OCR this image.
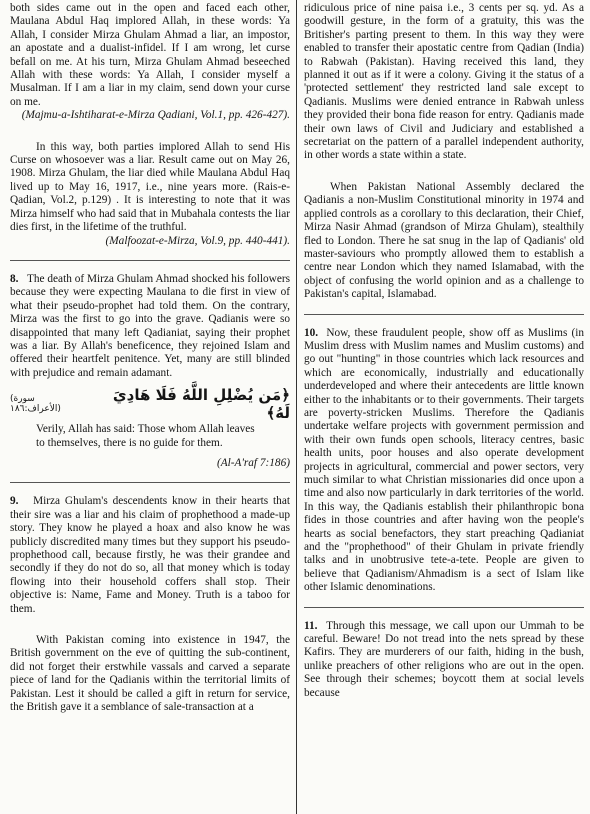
both sides came out in the open and faced each other, Maulana Abdul Haq implored Allah, in these words: Ya Allah, I consider Mirza Ghulam Ahmad a liar, an impostor, an apostate and a dualist-infidel. If I am wrong, let curse befall on me. At his turn, Mirza Ghulam Ahmad beseeched Allah with these words: Ya Allah, I consider myself a Musalman. If I am a liar in my claim, send down your curse on me.

(Majmu-a-Ishtiharat-e-Mirza Qadiani, Vol.1, pp. 426-427).

In this way, both parties implored Allah to send His Curse on whosoever was a liar. Result came out on May 26, 1908. Mirza Ghulam, the liar died while Maulana Abdul Haq lived up to May 16, 1917, i.e., nine years more. (Rais-e-Qadian, Vol.2, p.129) . It is interesting to note that it was Mirza himself who had said that in Mubahala contests the liar dies first, in the lifetime of the truthful.

(Malfoozat-e-Mirza, Vol.9, pp. 440-441).

8. The death of Mirza Ghulam Ahmad shocked his followers because they were expecting Maulana to die first in view of what their pseudo-prophet had told them. On the contrary, Mirza was the first to go into the grave. Qadianis were so disappointed that many left Qadianiat, saying their prophet was a liar. By Allah's beneficence, they rejoined Islam and offered their heartfelt penitence. Yet, many are still blinded with prejudice and remain adamant.

(سورة الأعراف:١٨٦)
﴿مَن يُضْلِلِ اللَّهُ فَلَا هَادِيَ لَهُ﴾

Verily, Allah has said: Those whom Allah leaves to themselves, there is no guide for them.

(Al-A'raf 7:186)

9. Mirza Ghulam's descendents know in their hearts that their sire was a liar and his claim of prophethood a made-up story. They know he played a hoax and also know he was publicly discredited many times but they support his pseudo-prophethood call, because firstly, he was their grandee and secondly if they do not do so, all that money which is today flowing into their household coffers shall stop. Their objective is: Name, Fame and Money. Truth is a taboo for them.

With Pakistan coming into existence in 1947, the British government on the eve of quitting the sub-continent, did not forget their erstwhile vassals and carved a separate piece of land for the Qadianis within the territorial limits of Pakistan. Lest it should be called a gift in return for service, the British gave it a semblance of sale-transaction at a

ridiculous price of nine paisa i.e., 3 cents per sq. yd. As a goodwill gesture, in the form of a gratuity, this was the Britisher's parting present to them. In this way they were enabled to transfer their apostatic centre from Qadian (India) to Rabwah (Pakistan). Having received this land, they planned it out as if it were a colony. Giving it the status of a 'protected settlement' they restricted land sale except to Qadianis. Muslims were denied entrance in Rabwah unless they provided their bona fide reason for entry. Qadianis made their own laws of Civil and Judiciary and established a secretariat on the pattern of a parallel independent authority, in other words a state within a state.

When Pakistan National Assembly declared the Qadianis a non-Muslim Constitutional minority in 1974 and applied controls as a corollary to this declaration, their Chief, Mirza Nasir Ahmad (grandson of Mirza Ghulam), stealthily fled to London. There he sat snug in the lap of Qadianis' old master-saviours who promptly allowed them to establish a centre near London which they named Islamabad, with the object of confusing the world opinion and as a challenge to Pakistan's capital, Islamabad.

10. Now, these fraudulent people, show off as Muslims (in Muslim dress with Muslim names and Muslim customs) and go out "hunting" in those countries which lack resources and which are economically, industrially and educationally underdeveloped and where their antecedents are little known either to the inhabitants or to their governments. Their targets are poverty-stricken Muslims. Therefore the Qadianis undertake welfare projects with government permission and with their own funds open schools, literacy centres, basic health units, poor houses and also operate development projects in agricultural, commercial and power sectors, very much similar to what Christian missionaries did once upon a time and also now particularly in dark territories of the world. In this way, the Qadianis establish their philanthropic bona fides in those countries and after having won the people's hearts as social benefactors, they start preaching Qadianiat and the "prophethood" of their Ghulam in private friendly talks and in unobtrusive tete-a-tete. People are given to believe that Qadianism/Ahmadism is a sect of Islam like other Islamic denominations.

11. Through this message, we call upon our Ummah to be careful. Beware! Do not tread into the nets spread by these Kafirs. They are murderers of our faith, hiding in the bush, unlike preachers of other religions who are out in the open. See through their schemes; boycott them at social levels because
